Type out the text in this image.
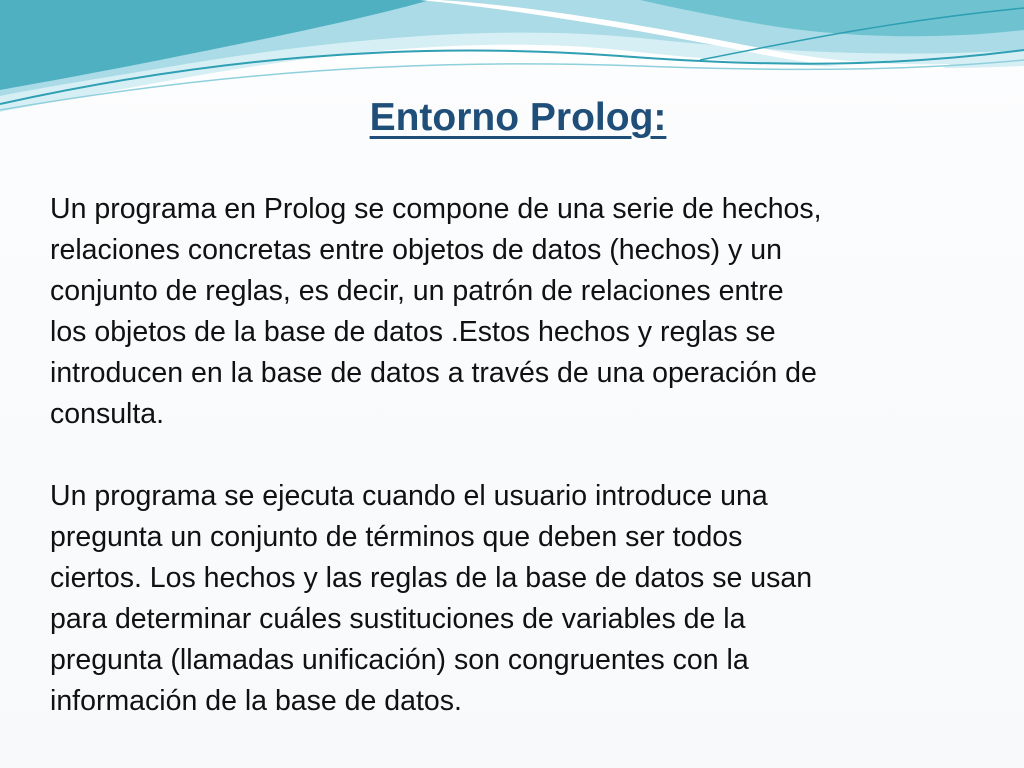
Entorno Prolog:

Un programa en Prolog se compone de una serie de hechos,
relaciones concretas entre objetos de datos (hechos) y un
conjunto de reglas, es decir, un patrón de relaciones entre
los objetos de la base de datos .Estos hechos y reglas se
introducen en la base de datos a través de una operación de
consulta.

Un programa se ejecuta cuando el usuario introduce una
pregunta un conjunto de términos que deben ser todos
ciertos. Los hechos y las reglas de la base de datos se usan
para determinar cuáles sustituciones de variables de la
pregunta (llamadas unificación) son congruentes con la
información de la base de datos.
